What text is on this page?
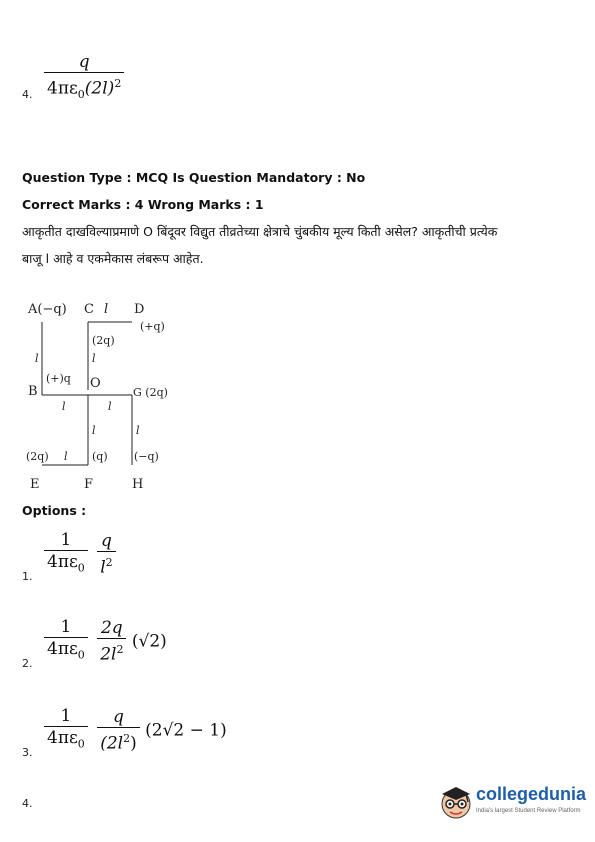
4. $\frac{q}{4\pi\varepsilon_0(2l)^2}$
Question Type : MCQ Is Question Mandatory : No
Correct Marks : 4 Wrong Marks : 1
आकृतीत दाखविल्याप्रमाणे O बिंदूवर विद्युत तीव्रतेच्या क्षेत्राचे चुंबकीय मूल्य किती असेल? आकृतीची प्रत्येक
बाजू l आहे व एकमेकास लंबरूप आहेत.
A(−q) C l D
(+q)
(2q)
l
l
(+)q O
B	G (2q)
l	l
l	l
(2q) l (q) (−q)
E	F	H
Options :
1. $\frac{1}{4\pi\varepsilon_0}$
$\frac{q}{l^2}$
2. $\frac{1}{4\pi\varepsilon_0}$
$\frac{2q}{2l^2} (√2)$
3. $\frac{1}{4\pi\varepsilon_0}$
$\frac{q}{(2l^2)} (2√2 - 1)$
4.	collegedunia
India's largest Student Review Platform
